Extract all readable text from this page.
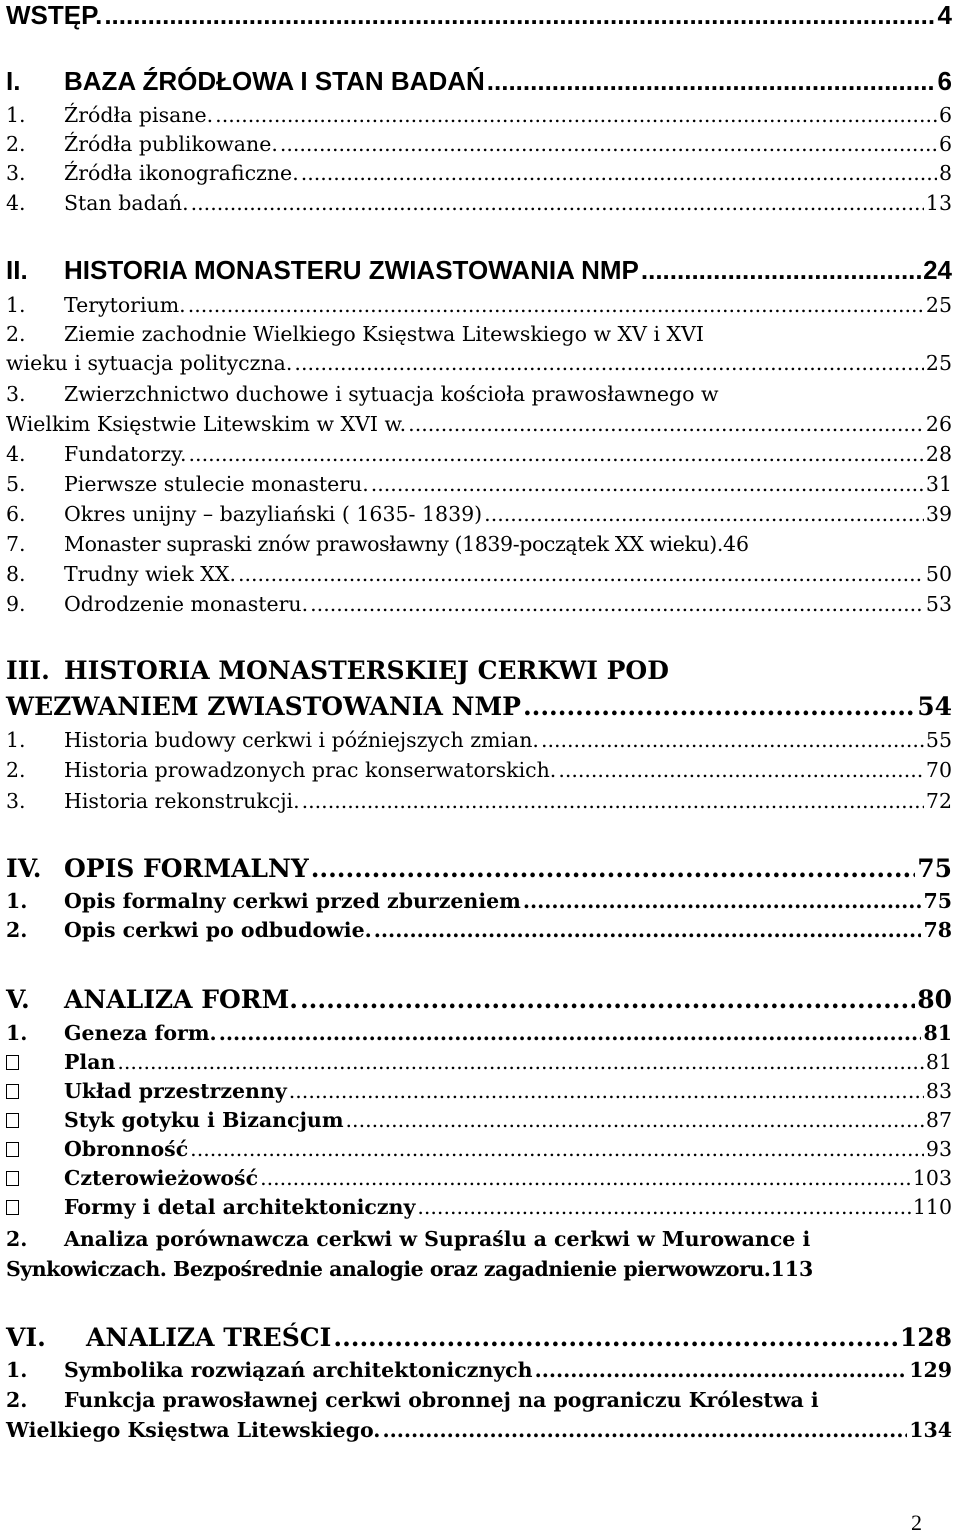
WSTĘP. .....	4
I.	BAZA ŹRÓDŁOWA I STAN BADAŃ .....	6
1.	Źródła pisane. .....	6
2.	Źródła publikowane. .....	6
3.	Źródła ikonograficzne. .....	8
4.	Stan badań. .....	13
II.	HISTORIA MONASTERU ZWIASTOWANIA NMP .....	24
1.	Terytorium. .....	25
2. Ziemie zachodnie Wielkiego Księstwa Litewskiego w XV i XVI
wieku i sytuacja polityczna. .....	25
3. Zwierzchnictwo duchowe i sytuacja kościoła prawosławnego w
Wielkim Księstwie Litewskim w XVI w. .....	26
4.	Fundatorzy. .....	28
5.	Pierwsze stulecie monasteru. .....	31
6.	Okres unijny – bazyliański ( 1635- 1839) .....	39
7.	Monaster supraski znów prawosławny (1839-początek XX wieku). 46
8.	Trudny wiek XX. .....	50
9.	Odrodzenie monasteru. .....	53
III. HISTORIA MONASTERSKIEJ CERKWI POD
WEZWANIEM ZWIASTOWANIA NMP .....	54
1.	Historia budowy cerkwi i późniejszych zmian. .....	55
2.	Historia prowadzonych prac konserwatorskich. .....	70
3.	Historia rekonstrukcji. .....	72
IV. OPIS FORMALNY .....	75
1.	Opis formalny cerkwi przed zburzeniem .....	75
2.	Opis cerkwi po odbudowie. .....	78
V.	ANALIZA FORM. .....	80
1.	Geneza form. .....	81
Plan .....	81
Układ przestrzenny .....	83
Styk gotyku i Bizancjum .....	87
Obronność .....	93
Czterowieżowość .....	103
Formy i detal architektoniczny .....	110
2. Analiza porównawcza cerkwi w Supraślu a cerkwi w Murowance i
Synkowiczach. Bezpośrednie analogie oraz zagadnienie pierwowzoru. 113
VI.	ANALIZA TREŚCI .....	128
1.	Symbolika rozwiązań architektonicznych .....	129
2. Funkcja prawosławnej cerkwi obronnej na pograniczu Królestwa i
Wielkiego Księstwa Litewskiego. .....	134
2
